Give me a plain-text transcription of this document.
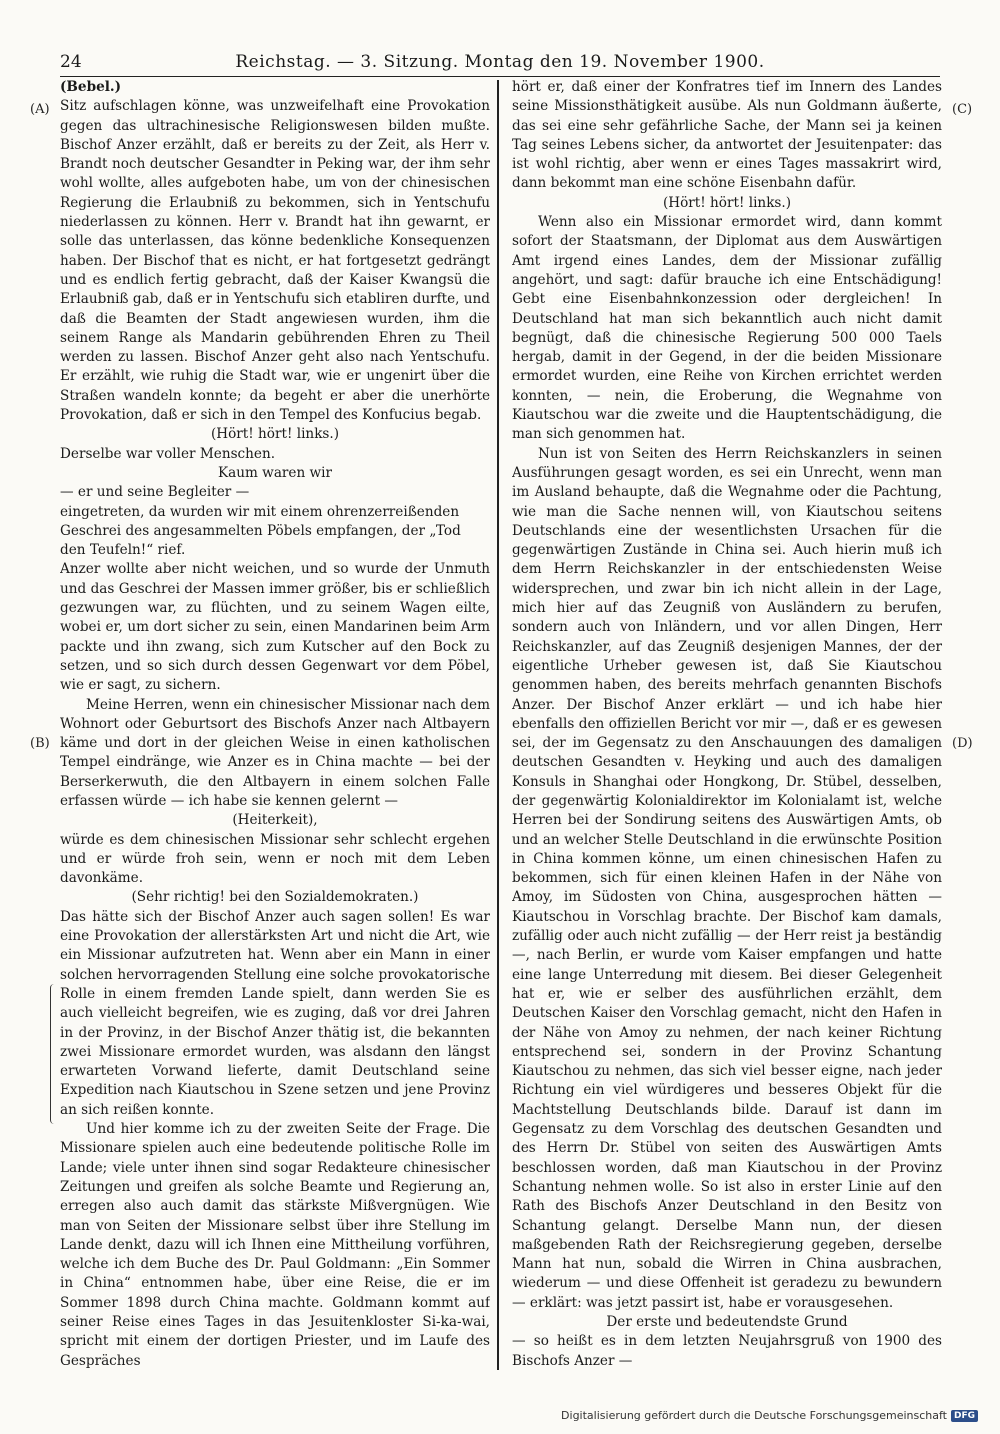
24	Reichstag. — 3. Sitzung. Montag den 19. November 1900.
(A)
(B)
(C)
(D)

(Bebel.)

Sitz aufschlagen könne, was unzweifelhaft eine Provokation gegen das ultrachinesische Religionswesen bilden mußte. Bischof Anzer erzählt, daß er bereits zu der Zeit, als Herr v. Brandt noch deutscher Gesandter in Peking war, der ihm sehr wohl wollte, alles aufgeboten habe, um von der chinesischen Regierung die Erlaubniß zu bekommen, sich in Yentschufu niederlassen zu können. Herr v. Brandt hat ihn gewarnt, er solle das unterlassen, das könne bedenkliche Konsequenzen haben. Der Bischof that es nicht, er hat fortgesetzt gedrängt und es endlich fertig gebracht, daß der Kaiser Kwangsü die Erlaubniß gab, daß er in Yentschufu sich etabliren durfte, und daß die Beamten der Stadt angewiesen wurden, ihm die seinem Range als Mandarin gebührenden Ehren zu Theil werden zu lassen. Bischof Anzer geht also nach Yentschufu. Er erzählt, wie ruhig die Stadt war, wie er ungenirt über die Straßen wandeln konnte; da begeht er aber die unerhörte Provokation, daß er sich in den Tempel des Konfucius begab.

(Hört! hört! links.)

Derselbe war voller Menschen.

Kaum waren wir

— er und seine Begleiter —

eingetreten, da wurden wir mit einem ohrenzerreißenden Geschrei des angesammelten Pöbels empfangen, der „Tod den Teufeln!“ rief.

Anzer wollte aber nicht weichen, und so wurde der Unmuth und das Geschrei der Massen immer größer, bis er schließlich gezwungen war, zu flüchten, und zu seinem Wagen eilte, wobei er, um dort sicher zu sein, einen Mandarinen beim Arm packte und ihn zwang, sich zum Kutscher auf den Bock zu setzen, und so sich durch dessen Gegenwart vor dem Pöbel, wie er sagt, zu sichern.

Meine Herren, wenn ein chinesischer Missionar nach dem Wohnort oder Geburtsort des Bischofs Anzer nach Altbayern käme und dort in der gleichen Weise in einen katholischen Tempel eindränge, wie Anzer es in China machte — bei der Berserkerwuth, die den Altbayern in einem solchen Falle erfassen würde — ich habe sie kennen gelernt —

(Heiterkeit),

würde es dem chinesischen Missionar sehr schlecht ergehen und er würde froh sein, wenn er noch mit dem Leben davonkäme.

(Sehr richtig! bei den Sozialdemokraten.)

Das hätte sich der Bischof Anzer auch sagen sollen! Es war eine Provokation der allerstärksten Art und nicht die Art, wie ein Missionar aufzutreten hat. Wenn aber ein Mann in einer solchen hervorragenden Stellung eine solche provokatorische Rolle in einem fremden Lande spielt, dann werden Sie es auch vielleicht begreifen, wie es zuging, daß vor drei Jahren in der Provinz, in der Bischof Anzer thätig ist, die bekannten zwei Missionare ermordet wurden, was alsdann den längst erwarteten Vorwand lieferte, damit Deutschland seine Expedition nach Kiautschou in Szene setzen und jene Provinz an sich reißen konnte.

Und hier komme ich zu der zweiten Seite der Frage. Die Missionare spielen auch eine bedeutende politische Rolle im Lande; viele unter ihnen sind sogar Redakteure chinesischer Zeitungen und greifen als solche Beamte und Regierung an, erregen also auch damit das stärkste Mißvergnügen. Wie man von Seiten der Missionare selbst über ihre Stellung im Lande denkt, dazu will ich Ihnen eine Mittheilung vorführen, welche ich dem Buche des Dr. Paul Goldmann: „Ein Sommer in China“ entnommen habe, über eine Reise, die er im Sommer 1898 durch China machte. Goldmann kommt auf seiner Reise eines Tages in das Jesuitenkloster Si-ka-wai, spricht mit einem der dortigen Priester, und im Laufe des Gespräches

hört er, daß einer der Konfratres tief im Innern des Landes seine Missionsthätigkeit ausübe. Als nun Goldmann äußerte, das sei eine sehr gefährliche Sache, der Mann sei ja keinen Tag seines Lebens sicher, da antwortet der Jesuitenpater: das ist wohl richtig, aber wenn er eines Tages massakrirt wird, dann bekommt man eine schöne Eisenbahn dafür.

(Hört! hört! links.)

Wenn also ein Missionar ermordet wird, dann kommt sofort der Staatsmann, der Diplomat aus dem Auswärtigen Amt irgend eines Landes, dem der Missionar zufällig angehört, und sagt: dafür brauche ich eine Entschädigung! Gebt eine Eisenbahnkonzession oder dergleichen! In Deutschland hat man sich bekanntlich auch nicht damit begnügt, daß die chinesische Regierung 500 000 Taels hergab, damit in der Gegend, in der die beiden Missionare ermordet wurden, eine Reihe von Kirchen errichtet werden konnten, — nein, die Eroberung, die Wegnahme von Kiautschou war die zweite und die Hauptentschädigung, die man sich genommen hat.

Nun ist von Seiten des Herrn Reichskanzlers in seinen Ausführungen gesagt worden, es sei ein Unrecht, wenn man im Ausland behaupte, daß die Wegnahme oder die Pachtung, wie man die Sache nennen will, von Kiautschou seitens Deutschlands eine der wesentlichsten Ursachen für die gegenwärtigen Zustände in China sei. Auch hierin muß ich dem Herrn Reichskanzler in der entschiedensten Weise widersprechen, und zwar bin ich nicht allein in der Lage, mich hier auf das Zeugniß von Ausländern zu berufen, sondern auch von Inländern, und vor allen Dingen, Herr Reichskanzler, auf das Zeugniß desjenigen Mannes, der der eigentliche Urheber gewesen ist, daß Sie Kiautschou genommen haben, des bereits mehrfach genannten Bischofs Anzer. Der Bischof Anzer erklärt — und ich habe hier ebenfalls den offiziellen Bericht vor mir —, daß er es gewesen sei, der im Gegensatz zu den Anschauungen des damaligen deutschen Gesandten v. Heyking und auch des damaligen Konsuls in Shanghai oder Hongkong, Dr. Stübel, desselben, der gegenwärtig Kolonialdirektor im Kolonialamt ist, welche Herren bei der Sondirung seitens des Auswärtigen Amts, ob und an welcher Stelle Deutschland in die erwünschte Position in China kommen könne, um einen chinesischen Hafen zu bekommen, sich für einen kleinen Hafen in der Nähe von Amoy, im Südosten von China, ausgesprochen hätten — Kiautschou in Vorschlag brachte. Der Bischof kam damals, zufällig oder auch nicht zufällig — der Herr reist ja beständig —, nach Berlin, er wurde vom Kaiser empfangen und hatte eine lange Unterredung mit diesem. Bei dieser Gelegenheit hat er, wie er selber des ausführlichen erzählt, dem Deutschen Kaiser den Vorschlag gemacht, nicht den Hafen in der Nähe von Amoy zu nehmen, der nach keiner Richtung entsprechend sei, sondern in der Provinz Schantung Kiautschou zu nehmen, das sich viel besser eigne, nach jeder Richtung ein viel würdigeres und besseres Objekt für die Machtstellung Deutschlands bilde. Darauf ist dann im Gegensatz zu dem Vorschlag des deutschen Gesandten und des Herrn Dr. Stübel von seiten des Auswärtigen Amts beschlossen worden, daß man Kiautschou in der Provinz Schantung nehmen wolle. So ist also in erster Linie auf den Rath des Bischofs Anzer Deutschland in den Besitz von Schantung gelangt. Derselbe Mann nun, der diesen maßgebenden Rath der Reichsregierung gegeben, derselbe Mann hat nun, sobald die Wirren in China ausbrachen, wiederum — und diese Offenheit ist geradezu zu bewundern — erklärt: was jetzt passirt ist, habe er vorausgesehen.

Der erste und bedeutendste Grund

— so heißt es in dem letzten Neujahrsgruß von 1900 des Bischofs Anzer —

Digitalisierung gefördert durch die Deutsche Forschungsgemeinschaft DFG
